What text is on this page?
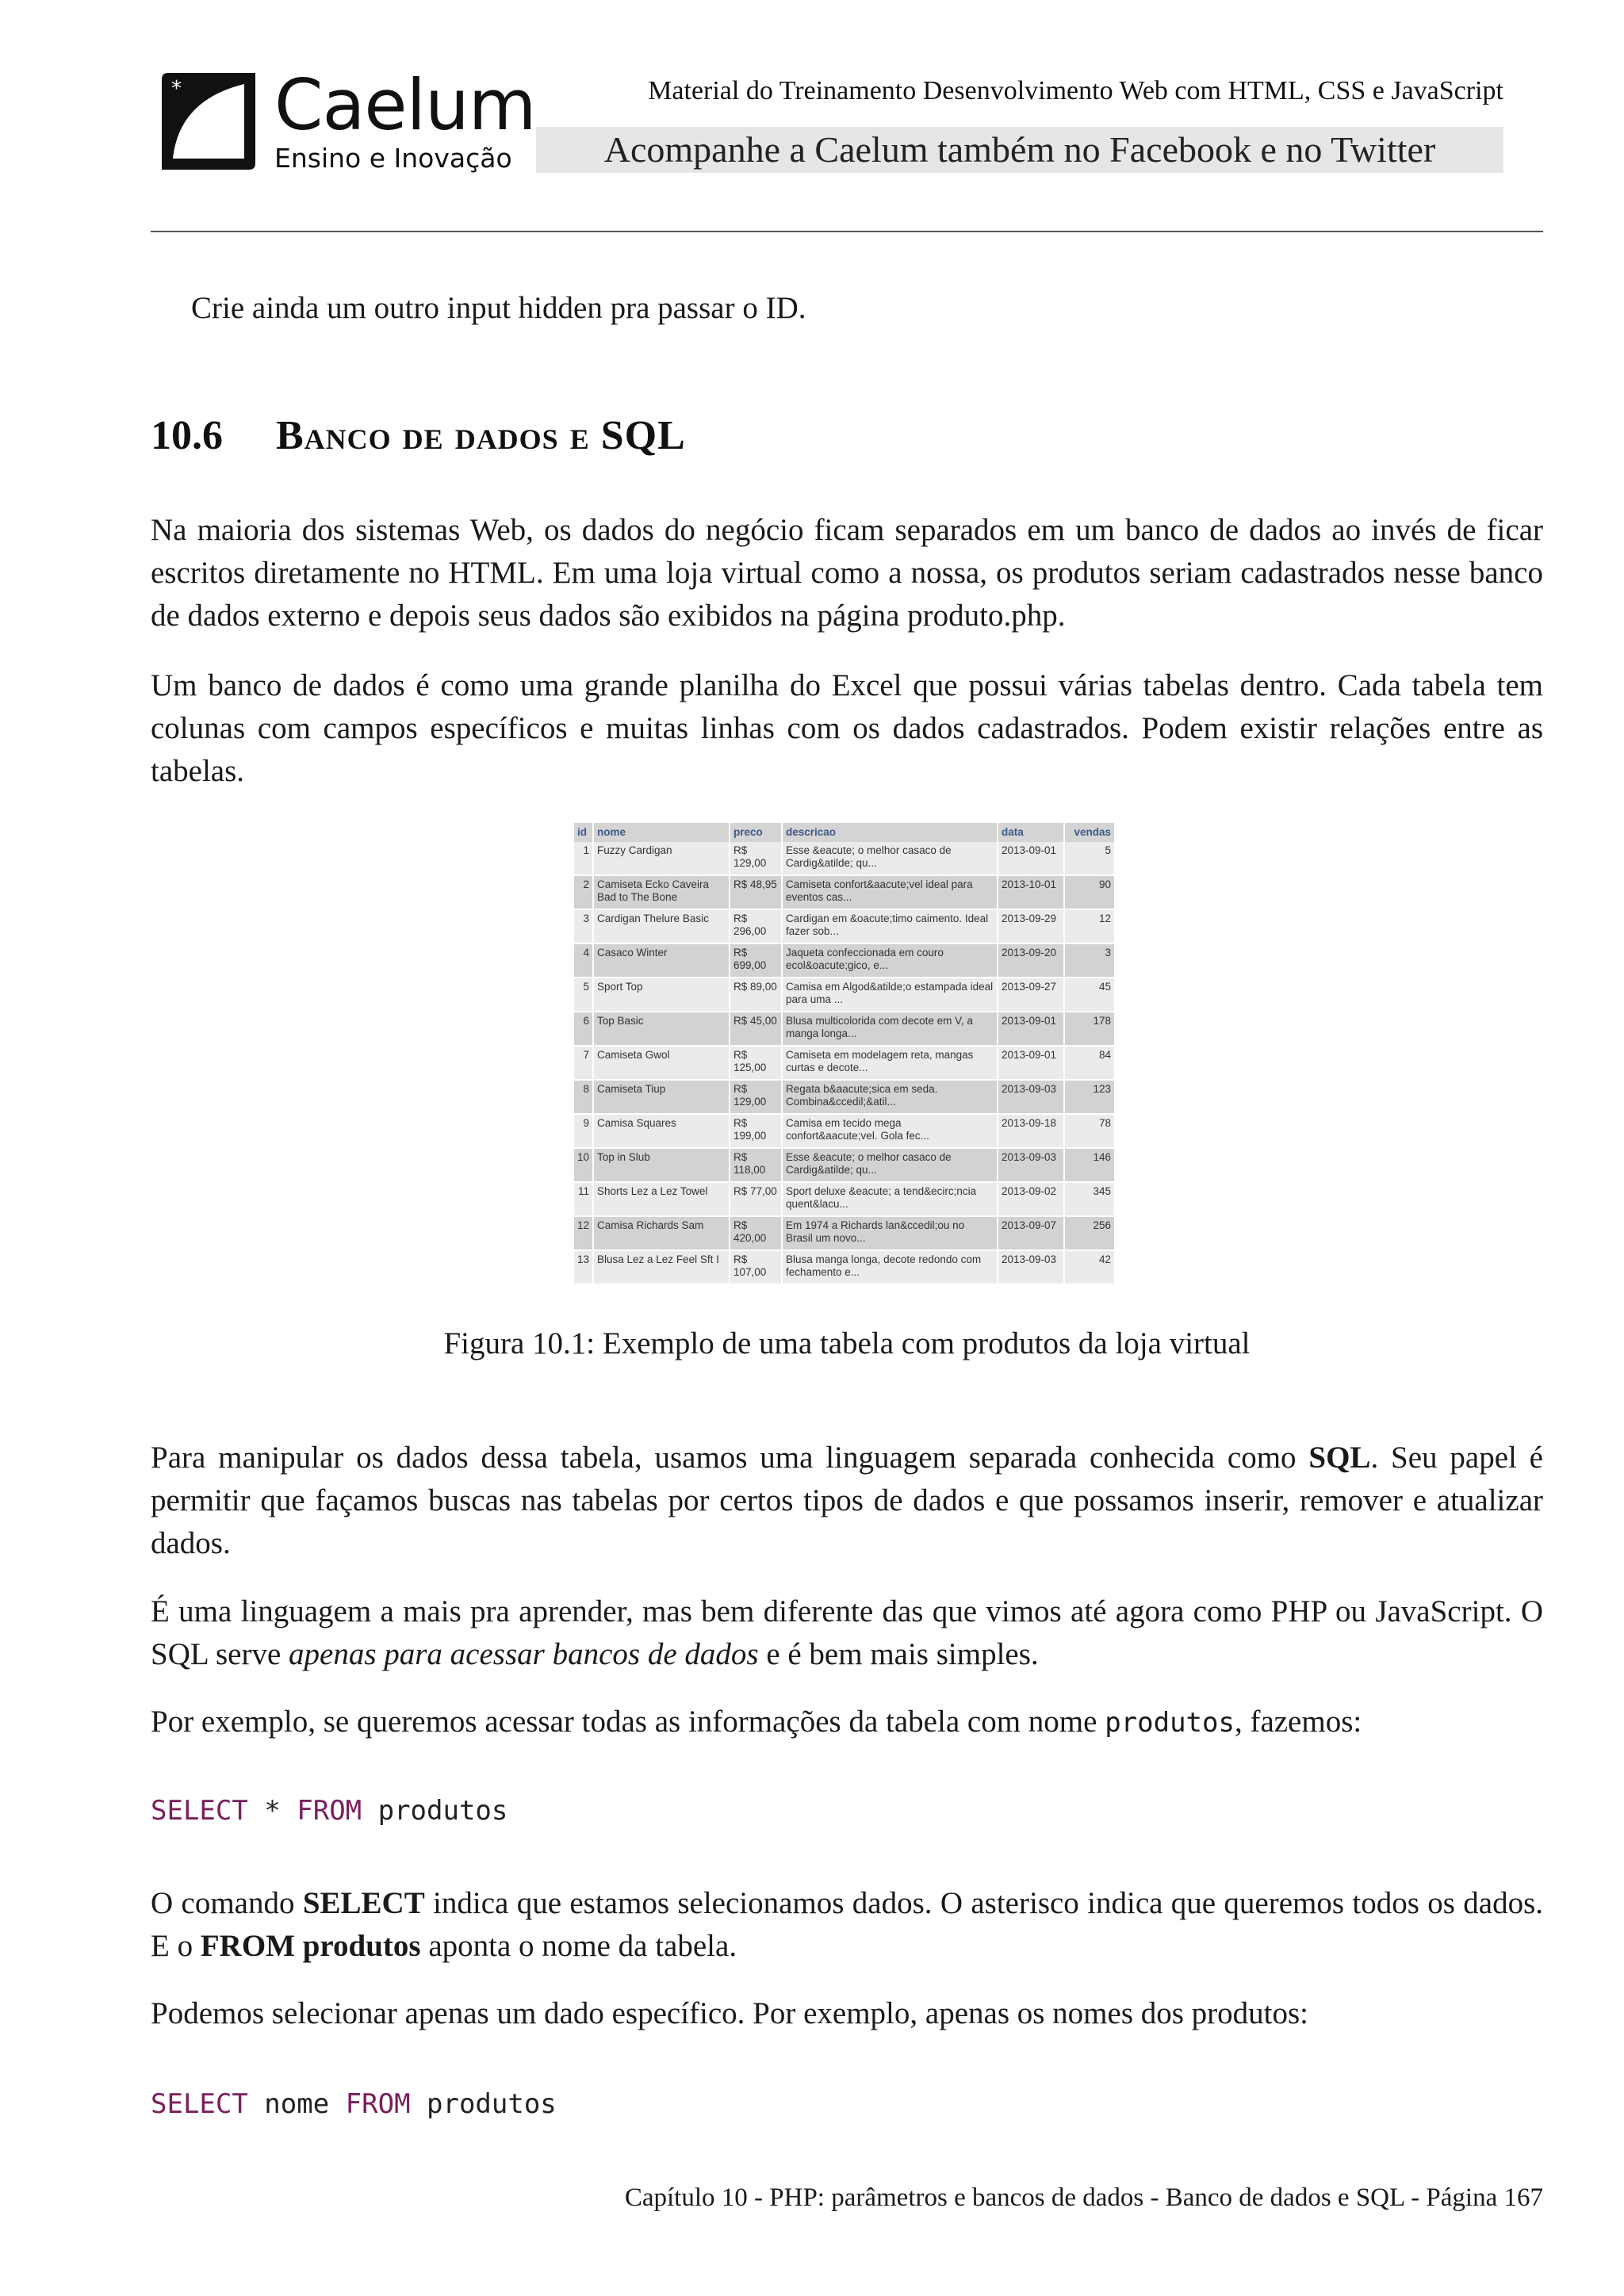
* Caelum
Ensino e Inovação
Material do Treinamento Desenvolvimento Web com HTML, CSS e JavaScript
Acompanhe a Caelum também no Facebook e no Twitter
Crie ainda um outro input hidden pra passar o ID.
10.6 Banco de dados e SQL
Na maioria dos sistemas Web, os dados do negócio ficam separados em um banco de dados ao invés de ficar escritos diretamente no HTML. Em uma loja virtual como a nossa, os produtos seriam cadastrados nesse banco de dados externo e depois seus dados são exibidos na página produto.php.
Um banco de dados é como uma grande planilha do Excel que possui várias tabelas dentro. Cada tabela tem colunas com campos específicos e muitas linhas com os dados cadastrados. Podem existir relações entre as tabelas.
id	nome	preco	descricao	data	vendas
1	Fuzzy Cardigan	R$ 129,00	Esse &eacute; o melhor casaco de Cardig&atilde; qu...	2013-09-01	5
2	Camiseta Ecko Caveira Bad to The Bone	R$ 48,95	Camiseta confort&aacute;vel ideal para eventos cas...	2013-10-01	90
3	Cardigan Thelure Basic	R$ 296,00	Cardigan em &oacute;timo caimento. Ideal fazer sob...	2013-09-29	12
4	Casaco Winter	R$ 699,00	Jaqueta confeccionada em couro ecol&oacute;gico, e...	2013-09-20	3
5	Sport Top	R$ 89,00	Camisa em Algod&atilde;o estampada ideal para uma ...	2013-09-27	45
6	Top Basic	R$ 45,00	Blusa multicolorida com decote em V, a manga longa...	2013-09-01	178
7	Camiseta Gwol	R$ 125,00	Camiseta em modelagem reta, mangas curtas e decote...	2013-09-01	84
8	Camiseta Tiup	R$ 129,00	Regata b&aacute;sica em seda. Combina&ccedil;&atil...	2013-09-03	123
9	Camisa Squares	R$ 199,00	Camisa em tecido mega confort&aacute;vel. Gola fec...	2013-09-18	78
10	Top in Slub	R$ 118,00	Esse &eacute; o melhor casaco de Cardig&atilde; qu...	2013-09-03	146
11	Shorts Lez a Lez Towel	R$ 77,00	Sport deluxe &eacute; a tend&ecirc;ncia quent&lacu...	2013-09-02	345
12	Camisa Richards Sam	R$ 420,00	Em 1974 a Richards lan&ccedil;ou no Brasil um novo...	2013-09-07	256
13	Blusa Lez a Lez Feel Sft I	R$ 107,00	Blusa manga longa, decote redondo com fechamento e...	2013-09-03	42
Figura 10.1: Exemplo de uma tabela com produtos da loja virtual
Para manipular os dados dessa tabela, usamos uma linguagem separada conhecida como SQL. Seu papel é permitir que façamos buscas nas tabelas por certos tipos de dados e que possamos inserir, remover e atualizar dados.
É uma linguagem a mais pra aprender, mas bem diferente das que vimos até agora como PHP ou JavaScript. O SQL serve apenas para acessar bancos de dados e é bem mais simples.
Por exemplo, se queremos acessar todas as informações da tabela com nome produtos, fazemos:
SELECT * FROM produtos
O comando SELECT indica que estamos selecionamos dados. O asterisco indica que queremos todos os dados. E o FROM produtos aponta o nome da tabela.
Podemos selecionar apenas um dado específico. Por exemplo, apenas os nomes dos produtos:
SELECT nome FROM produtos
Capítulo 10 - PHP: parâmetros e bancos de dados - Banco de dados e SQL - Página 167
